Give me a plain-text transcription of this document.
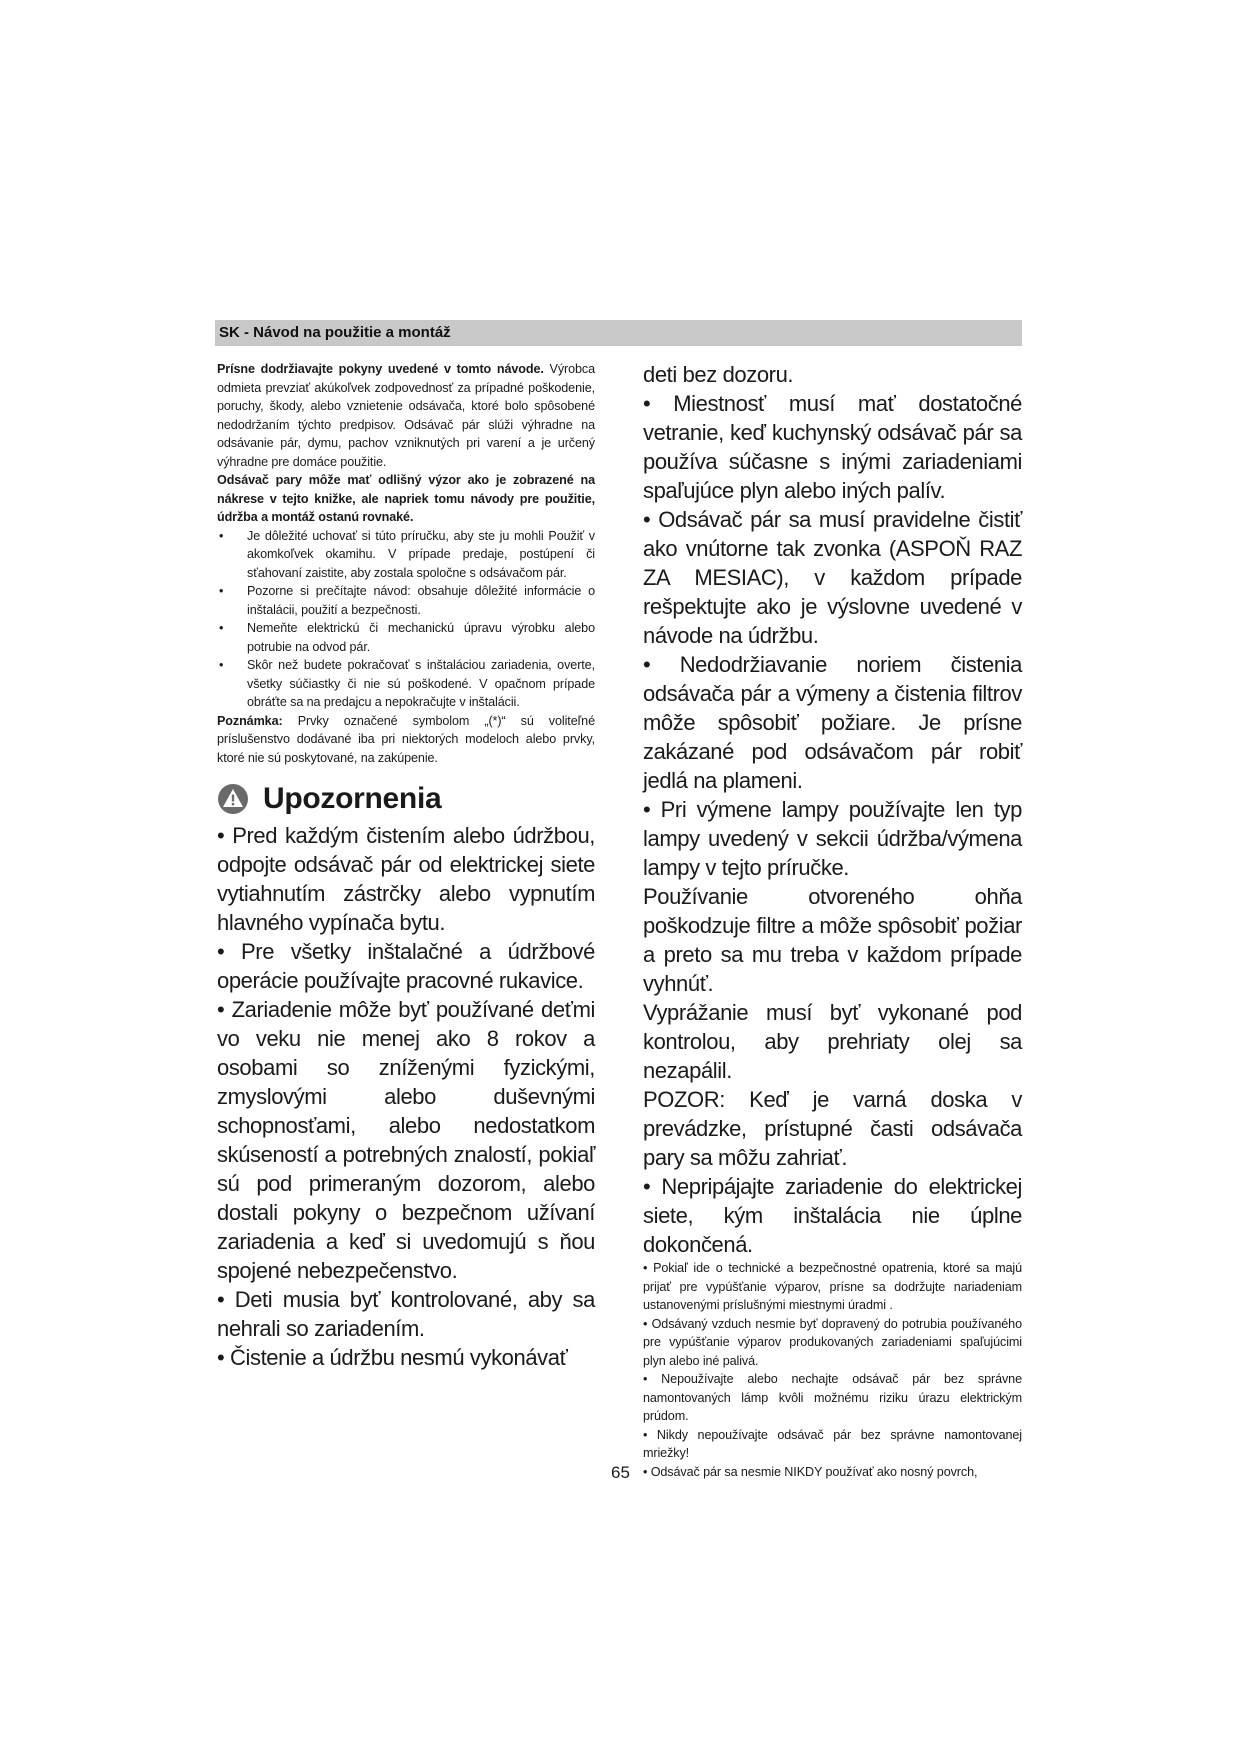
SK - Návod na použitie a montáž

Prísne dodržiavajte pokyny uvedené v tomto návode. Výrobca odmieta prevziať akúkoľvek zodpovednosť za prípadné poškodenie, poruchy, škody, alebo vznietenie odsávača, ktoré bolo spôsobené nedodržaním týchto predpisov. Odsávač pár slúži výhradne na odsávanie pár, dymu, pachov vzniknutých pri varení a je určený výhradne pre domáce použitie.

Odsávač pary môže mať odlišný výzor ako je zobrazené na nákrese v tejto knižke, ale napriek tomu návody pre použitie, údržba a montáž ostanú rovnaké.

• Je dôležité uchovať si túto príručku, aby ste ju mohli Použiť v akomkoľvek okamihu. V prípade predaje, postúpení či sťahovaní zaistite, aby zostala spoločne s odsávačom pár.
• Pozorne si prečítajte návod: obsahuje dôležité informácie o inštalácii, použití a bezpečnosti.
• Nemeňte elektrickú či mechanickú úpravu výrobku alebo potrubie na odvod pár.
• Skôr než budete pokračovať s inštaláciou zariadenia, overte, všetky súčiastky či nie sú poškodené. V opačnom prípade obráťte sa na predajcu a nepokračujte v inštalácii.

Poznámka: Prvky označené symbolom „(*)“ sú voliteľné príslušenstvo dodávané iba pri niektorých modeloch alebo prvky, ktoré nie sú poskytované, na zakúpenie.

Upozornenia

• Pred každým čistením alebo údržbou, odpojte odsávač pár od elektrickej siete vytiahnutím zástrčky alebo vypnutím hlavného vypínača bytu.

• Pre všetky inštalačné a údržbové operácie používajte pracovné rukavice.

• Zariadenie môže byť používané deťmi vo veku nie menej ako 8 rokov a osobami so zníženými fyzickými, zmyslovými alebo duševnými schopnosťami, alebo nedostatkom skúseností a potrebných znalostí, pokiaľ sú pod primeraným dozorom, alebo dostali pokyny o bezpečnom užívaní zariadenia a keď si uvedomujú s ňou spojené nebezpečenstvo.

• Deti musia byť kontrolované, aby sa nehrali so zariadením.

• Čistenie a údržbu nesmú vykonávať

deti bez dozoru.

• Miestnosť musí mať dostatočné vetranie, keď kuchynský odsávač pár sa používa súčasne s inými zariadeniami spaľujúce plyn alebo iných palív.

• Odsávač pár sa musí pravidelne čistiť ako vnútorne tak zvonka (ASPOŇ RAZ ZA MESIAC), v každom prípade rešpektujte ako je výslovne uvedené v návode na údržbu.

• Nedodržiavanie noriem čistenia odsávača pár a výmeny a čistenia filtrov môže spôsobiť požiare. Je prísne zakázané pod odsávačom pár robiť jedlá na plameni.

• Pri výmene lampy používajte len typ lampy uvedený v sekcii údržba/výmena lampy v tejto príručke.

Používanie otvoreného ohňa poškodzuje filtre a môže spôsobiť požiar a preto sa mu treba v každom prípade vyhnúť.

Vyprážanie musí byť vykonané pod kontrolou, aby prehriaty olej sa nezapálil.

POZOR: Keď je varná doska v prevádzke, prístupné časti odsávača pary sa môžu zahriať.

• Nepripájajte zariadenie do elektrickej siete, kým inštalácia nie úplne dokončená.

• Pokiaľ ide o technické a bezpečnostné opatrenia, ktoré sa majú prijať pre vypúšťanie výparov, prísne sa dodržujte nariadeniam ustanovenými príslušnými miestnymi úradmi .

• Odsávaný vzduch nesmie byť dopravený do potrubia používaného pre vypúšťanie výparov produkovaných zariadeniami spaľujúcimi plyn alebo iné palivá.

• Nepoužívajte alebo nechajte odsávač pár bez správne namontovaných lámp kvôli možnému riziku úrazu elektrickým prúdom.

• Nikdy nepoužívajte odsávač pár bez správne namontovanej mriežky!

• Odsávač pár sa nesmie NIKDY používať ako nosný povrch,

65
